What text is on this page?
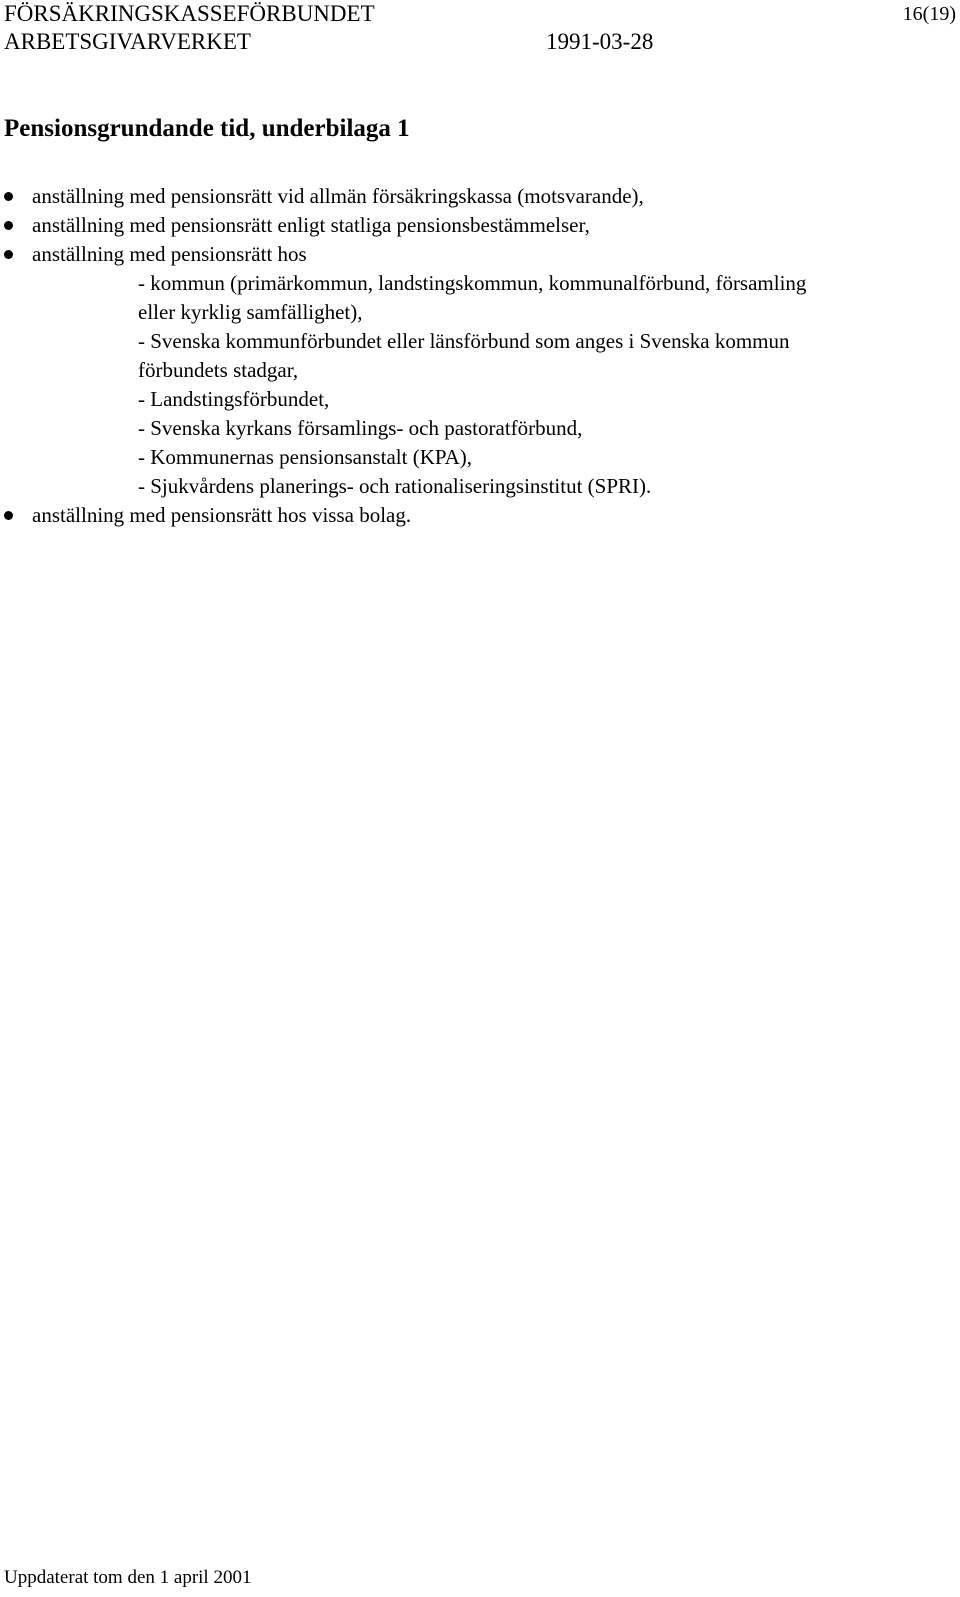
FÖRSÄKRINGSKASSEFÖRBUNDET	16(19)
ARBETSGIVARVERKET	1991-03-28
Pensionsgrundande tid, underbilaga 1
anställning med pensionsrätt vid allmän försäkringskassa (motsvarande),
anställning med pensionsrätt enligt statliga pensionsbestämmelser,
anställning med pensionsrätt hos
- kommun (primärkommun, landstingskommun, kommunalförbund, församling
eller kyrklig samfällighet),
- Svenska kommunförbundet eller länsförbund som anges i Svenska kommun
förbundets stadgar,
- Landstingsförbundet,
- Svenska kyrkans församlings- och pastoratförbund,
- Kommunernas pensionsanstalt (KPA),
- Sjukvårdens planerings- och rationaliseringsinstitut (SPRI).
anställning med pensionsrätt hos vissa bolag.
Uppdaterat tom den 1 april 2001
